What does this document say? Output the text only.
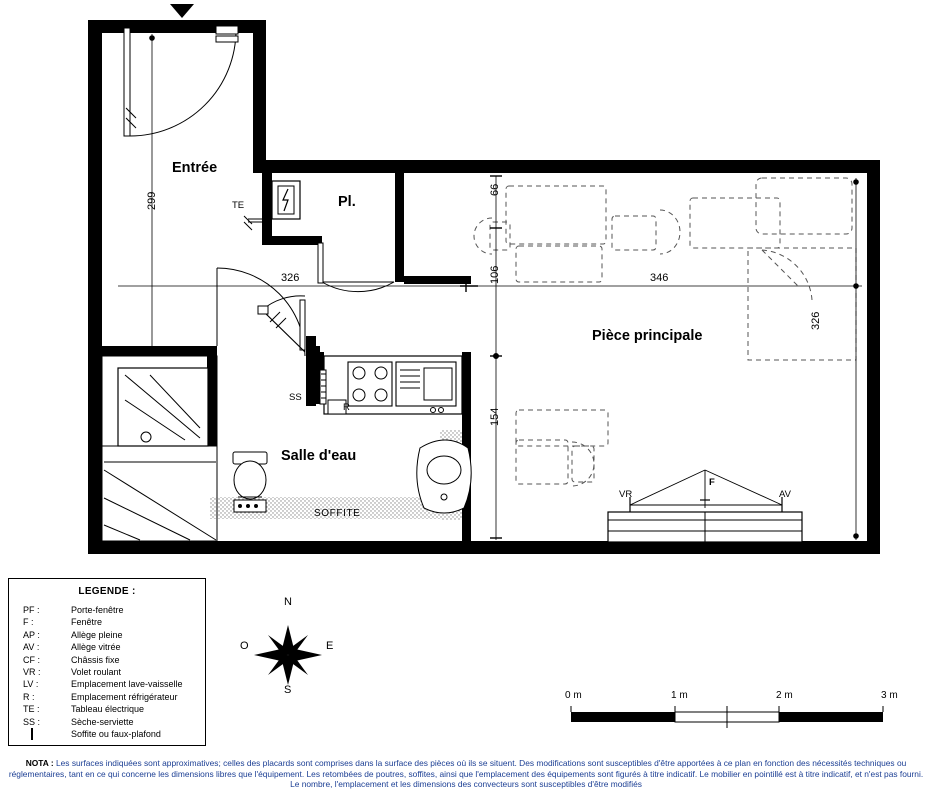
Entrée
Pl.
Pièce principale
Salle d'eau
299
326	346
66
106
154
326
TE
SS
R
VR
F
AV
SOFFITE
LEGENDE :
PF :	Porte-fenêtre
F :	Fenêtre
AP :	Allège pleine
AV :	Allège vitrée
CF :	Châssis fixe
VR :	Volet roulant
LV :	Emplacement lave-vaisselle
R :	Emplacement réfrigérateur
TE :	Tableau électrique
SS :	Sèche-serviette
Soffite ou faux-plafond
N
S
E
O
0 m	1 m	2 m	3 m
NOTA : Les surfaces indiquées sont approximatives; celles des placards sont comprises dans la surface des pièces où ils se situent. Des modifications sont susceptibles d'être apportées à ce plan en fonction des nécessités techniques ou réglementaires, tant en ce qui concerne les dimensions libres que l'équipement. Les retombées de poutres, soffites, ainsi que l'emplacement des équipements sont figurés à titre indicatif. Le mobilier en pointillé est à titre indicatif, et n'est pas fourni. Le nombre, l'emplacement et les dimensions des convecteurs sont susceptibles d'être modifiés
